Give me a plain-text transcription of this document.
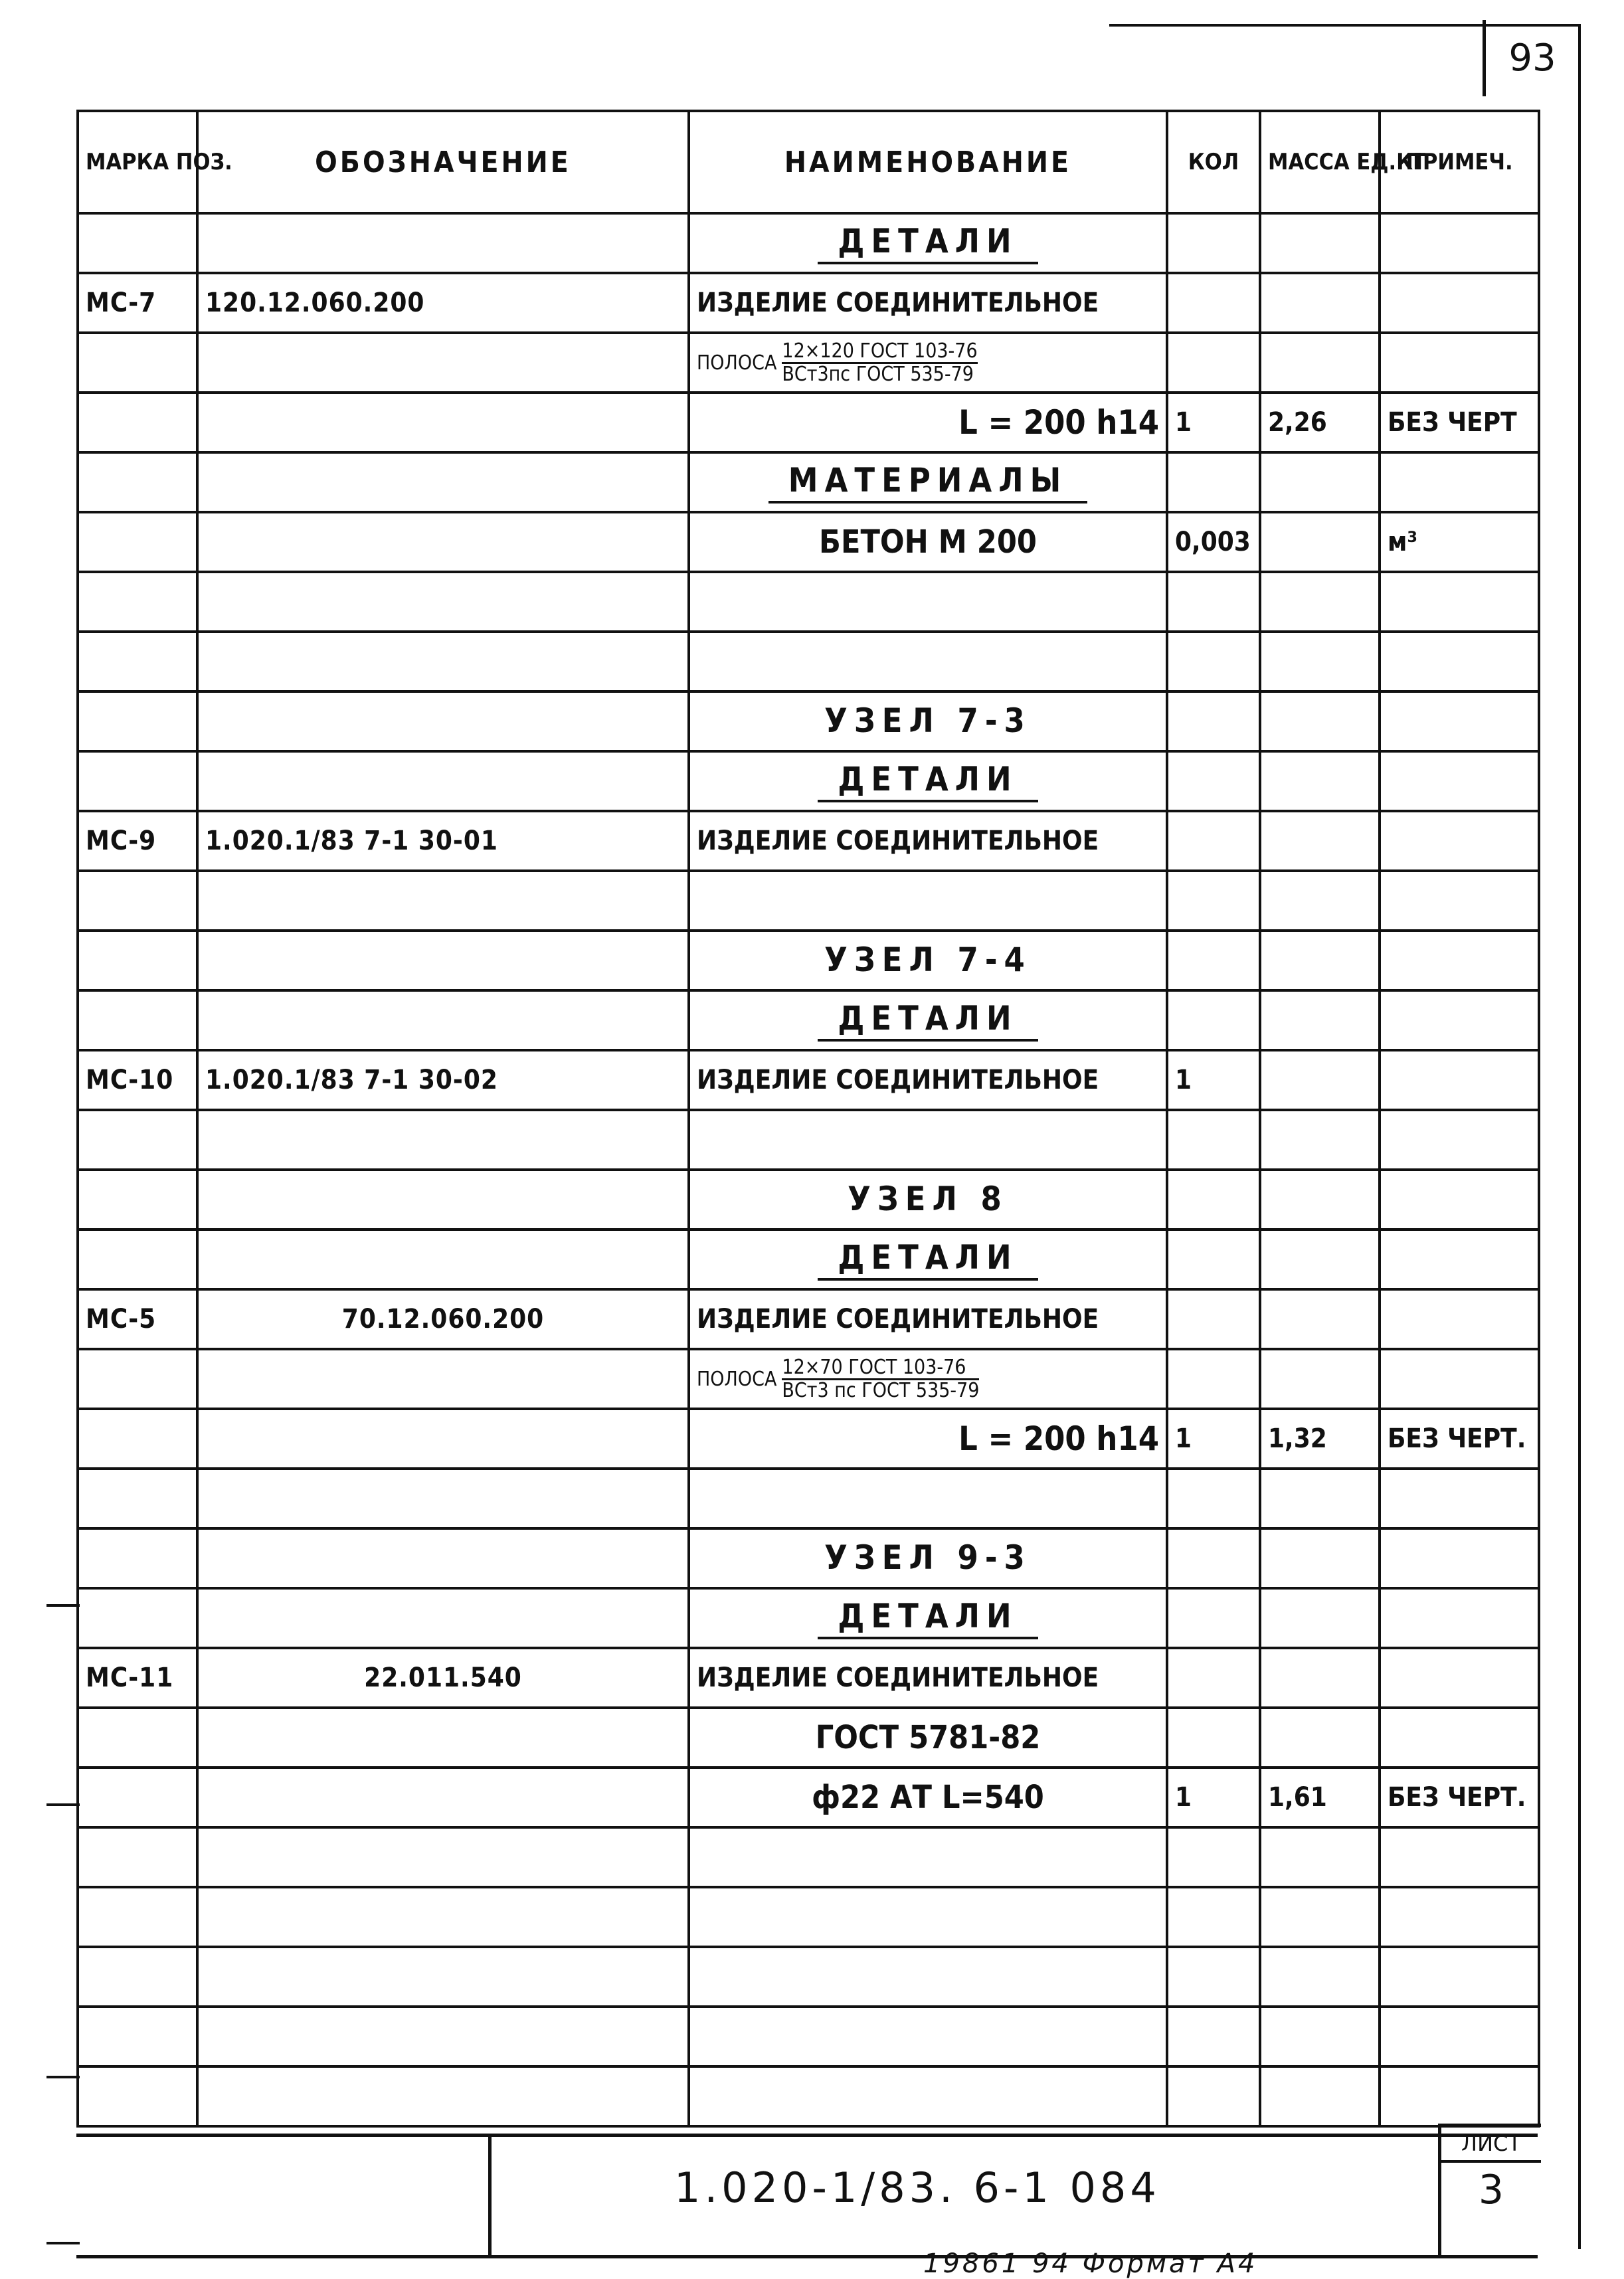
93
МАРКА ПОЗ.	ОБОЗНАЧЕНИЕ	НАИМЕНОВАНИЕ	КОЛ	МАССА ЕД.КГ	ПРИМЕЧ.
		ДЕТАЛИ			
МС-7	120.12.060.200	ИЗДЕЛИЕ СОЕДИНИТЕЛЬНОЕ			

		ПОЛОСА $\frac{\text{12×120 ГОСТ 103-76}}{\text{ВСт3пс ГОСТ 535-79}}$

		L = 200 h14	1	2,26	БЕЗ ЧЕРТ
		МАТЕРИАЛЫ			
		БЕТОН М 200	0,003		м³

		УЗЕЛ 7-3			
		ДЕТАЛИ			
МС-9	1.020.1/83 7-1 30-01	ИЗДЕЛИЕ СОЕДИНИТЕЛЬНОЕ			

		УЗЕЛ 7-4			
		ДЕТАЛИ			
МС-10	1.020.1/83 7-1 30-02	ИЗДЕЛИЕ СОЕДИНИТЕЛЬНОЕ	1		

		УЗЕЛ 8			
		ДЕТАЛИ			
МС-5	70.12.060.200	ИЗДЕЛИЕ СОЕДИНИТЕЛЬНОЕ			

		ПОЛОСА $\frac{\text{12×70 ГОСТ 103-76}}{\text{ВСт3 пс ГОСТ 535-79}}$

		L = 200 h14	1	1,32	БЕЗ ЧЕРТ.

		УЗЕЛ 9-3			
		ДЕТАЛИ			
МС-11	22.011.540	ИЗДЕЛИЕ СОЕДИНИТЕЛЬНОЕ			
		ГОСТ 5781-82			
		ф22 АТ L=540	1	1,61	БЕЗ ЧЕРТ.

1.020-1/83. 6-1 084
ЛИСТ
3
19861 94 Формат А4
